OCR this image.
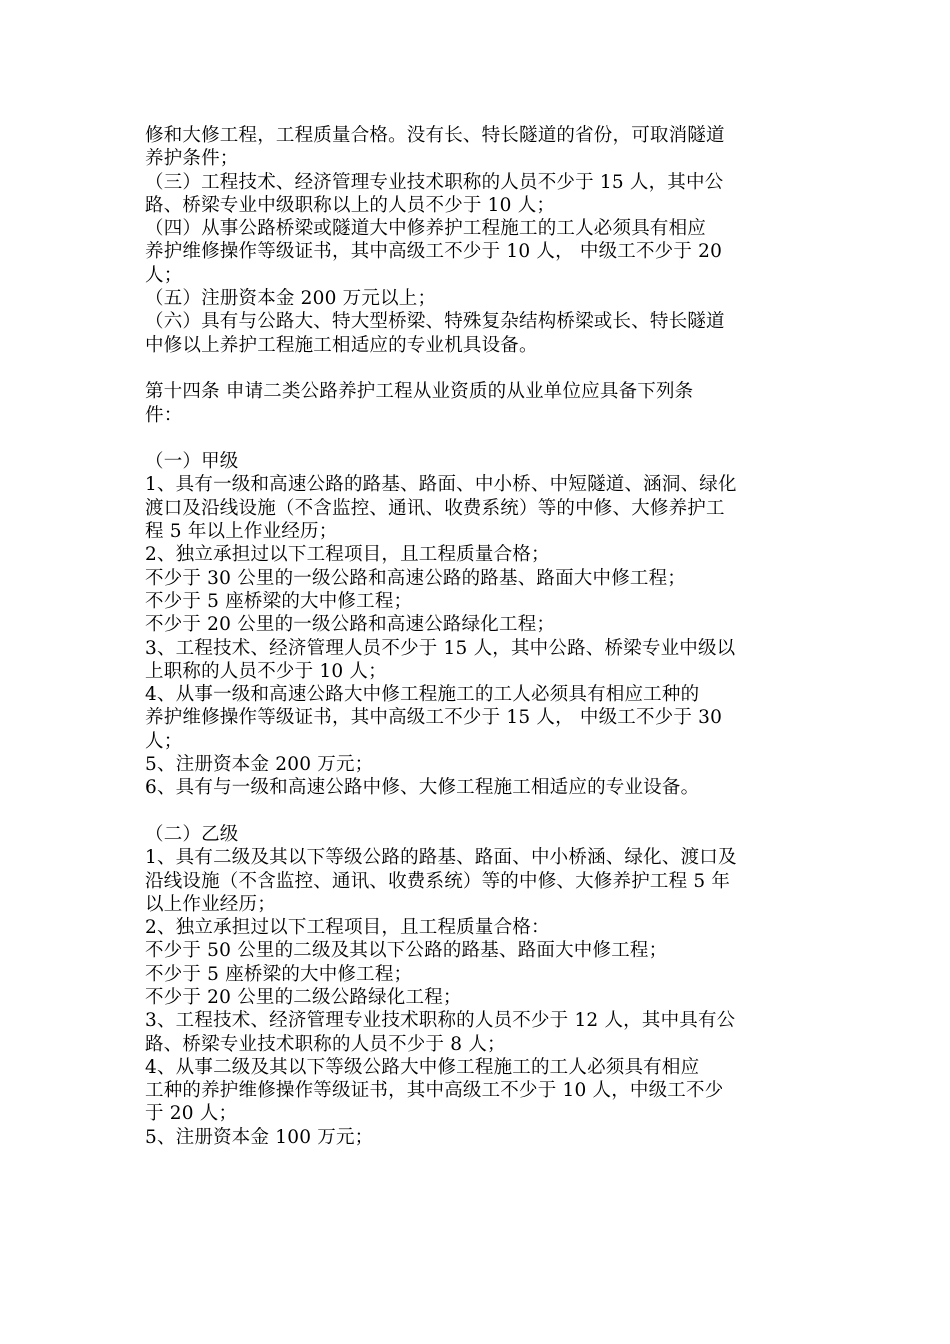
修和大修工程，工程质量合格。没有长、特长隧道的省份，可取消隧道
养护条件；
（三）工程技术、经济管理专业技术职称的人员不少于 15 人，其中公
路、桥梁专业中级职称以上的人员不少于 10 人；
（四）从事公路桥梁或隧道大中修养护工程施工的工人必须具有相应
养护维修操作等级证书，其中高级工不少于 10 人， 中级工不少于 20
人；
（五）注册资本金 200 万元以上；
（六）具有与公路大、特大型桥梁、特殊复杂结构桥梁或长、特长隧道
中修以上养护工程施工相适应的专业机具设备。
第十四条 申请二类公路养护工程从业资质的从业单位应具备下列条
件：
（一）甲级
1、具有一级和高速公路的路基、路面、中小桥、中短隧道、涵洞、绿化
渡口及沿线设施（不含监控、通讯、收费系统）等的中修、大修养护工
程 5 年以上作业经历；
2、独立承担过以下工程项目，且工程质量合格；
不少于 30 公里的一级公路和高速公路的路基、路面大中修工程；
不少于 5 座桥梁的大中修工程；
不少于 20 公里的一级公路和高速公路绿化工程；
3、工程技术、经济管理人员不少于 15 人，其中公路、桥梁专业中级以
上职称的人员不少于 10 人；
4、从事一级和高速公路大中修工程施工的工人必须具有相应工种的
养护维修操作等级证书，其中高级工不少于 15 人， 中级工不少于 30
人；
5、注册资本金 200 万元；
6、具有与一级和高速公路中修、大修工程施工相适应的专业设备。
（二）乙级
1、具有二级及其以下等级公路的路基、路面、中小桥涵、绿化、渡口及
沿线设施（不含监控、通讯、收费系统）等的中修、大修养护工程 5 年
以上作业经历；
2、独立承担过以下工程项目，且工程质量合格：
不少于 50 公里的二级及其以下公路的路基、路面大中修工程；
不少于 5 座桥梁的大中修工程；
不少于 20 公里的二级公路绿化工程；
3、工程技术、经济管理专业技术职称的人员不少于 12 人，其中具有公
路、桥梁专业技术职称的人员不少于 8 人；
4、从事二级及其以下等级公路大中修工程施工的工人必须具有相应
工种的养护维修操作等级证书，其中高级工不少于 10 人，中级工不少
于 20 人；
5、注册资本金 100 万元；
